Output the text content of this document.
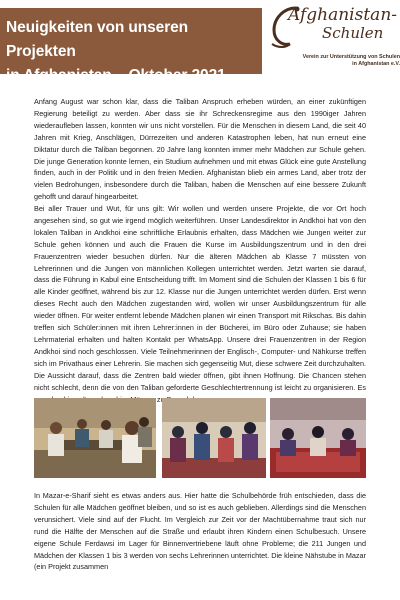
Neuigkeiten von unseren Projekten
in Afghanistan – Oktober 2021
Afghanistan-
Schulen
Verein zur Unterstützung von Schulen
in Afghanistan e.V.

Anfang August war schon klar, dass die Taliban Anspruch erheben würden, an einer zukünftigen Regierung beteiligt zu werden. Aber dass sie ihr Schreckensregime aus den 1990iger Jahren wiederaufleben lassen, konnten wir uns nicht vorstellen. Für die Menschen in diesem Land, die seit 40 Jahren mit Krieg, Anschlägen, Dürrezeiten und anderen Katastrophen leben, hat nun erneut eine Diktatur durch die Taliban begonnen. 20 Jahre lang konnten immer mehr Mädchen zur Schule gehen. Die junge Generation konnte lernen, ein Studium aufnehmen und mit etwas Glück eine gute Anstellung finden, auch in der Politik und in den freien Medien. Afghanistan blieb ein armes Land, aber trotz der vielen Bedrohungen, insbesondere durch die Taliban, haben die Menschen auf eine bessere Zukunft gehofft und darauf hingearbeitet.

Bei aller Trauer und Wut, für uns gilt: Wir wollen und werden unsere Projekte, die vor Ort hoch angesehen sind, so gut wie irgend möglich weiterführen. Unser Landesdirektor in Andkhoi hat von den lokalen Taliban in Andkhoi eine schriftliche Erlaubnis erhalten, dass Mädchen wie Jungen weiter zur Schule gehen können und auch die Frauen die Kurse im Ausbildungszentrum und in den drei Frauenzentren wieder besuchen dürfen. Nur die älteren Mädchen ab Klasse 7 müssten von Lehrerinnen und die Jungen von männlichen Kollegen unterrichtet werden. Jetzt warten sie darauf, dass die Führung in Kabul eine Entscheidung trifft. Im Moment sind die Schulen der Klassen 1 bis 6 für alle Kinder geöffnet, während bis zur 12. Klasse nur die Jungen unterrichtet werden dürfen. Erst wenn dieses Recht auch den Mädchen zugestanden wird, wollen wir unser Ausbildungszentrum für alle wieder öffnen. Für weiter entfernt lebende Mädchen planen wir einen Transport mit Rikschas. Bis dahin treffen sich Schüler:innen mit ihren Lehrer:innen in der Bücherei, im Büro oder Zuhause; sie haben Lehrmaterial erhalten und halten Kontakt per WhatsApp. Unsere drei Frauenzentren in der Region Andkhoi sind noch geschlossen. Viele Teilnehmerinnen der Englisch-, Computer- und Nähkurse treffen sich im Privathaus einer Lehrerin. Sie machen sich gegenseitig Mut, diese schwere Zeit durchzuhalten. Die Aussicht darauf, dass die Zentren bald wieder öffnen, gibt ihnen Hoffnung. Die Chancen stehen nicht schlecht, denn die von den Taliban geforderte Geschlechtertrennung ist leicht zu organisieren. Es zu

In Mazar-e-Sharif sieht es etwas anders aus. Hier hatte die Schulbehörde früh entschieden, dass die Schulen für alle Mädchen geöffnet bleiben, und so ist es auch geblieben. Allerdings sind die Menschen verunsichert. Viele sind auf der Flucht. Im Vergleich zur Zeit vor der Machtübernahme traut sich nur rund die Hälfte der Menschen auf die Straße und erlaubt ihren Kindern einen Schulbesuch. Unsere eigene Schule Ferdawsi im Lager für Binnenvertriebene läuft ohne Probleme; die 211 Jungen und Mädchen der Klassen 1 bis 3 werden von sechs Lehrerinnen unterrichtet. Die kleine Nähstube in Mazar (ein Projekt zusammen
